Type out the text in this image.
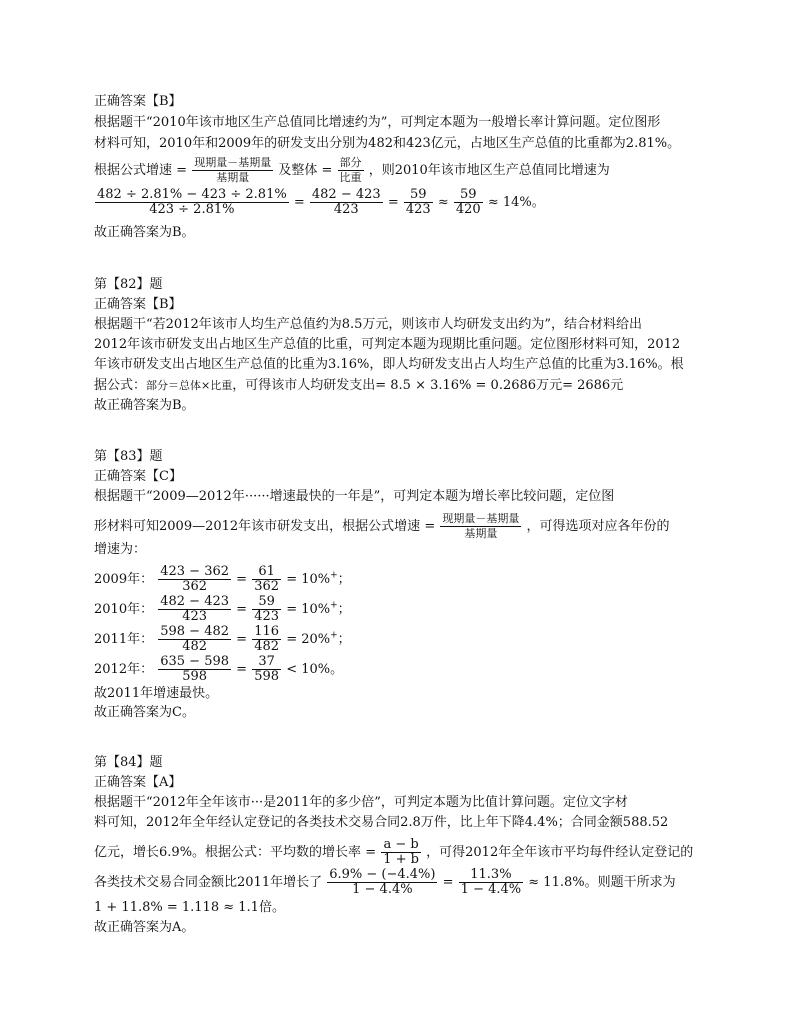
正确答案【B】
根据题干“2010年该市地区生产总值同比增速约为”，可判定本题为一般增长率计算问题。定位图形
材料可知，2010年和2009年的研发支出分别为482和423亿元，占地区生产总值的比重都为2.81%。
根据公式增速 =
现期量－基期量
基期量	及整体 =
部分
比重 ，则2010年该市地区生产总值同比增速为
$\frac{482 \div 2.81\% - 423 \div 2.81\%}{423 \div 2.81\%} = \frac{482 - 423}{423} = \frac{59}{423} \approx \frac{59}{420} \approx 14\%$。
故正确答案为B。
第【82】题
正确答案【B】
根据题干“若2012年该市人均生产总值约为8.5万元，则该市人均研发支出约为”，结合材料给出
2012年该市研发支出占地区生产总值的比重，可判定本题为现期比重问题。定位图形材料可知，2012
年该市研发支出占地区生产总值的比重为3.16%，即人均研发支出占人均生产总值的比重为3.16%。根
据公式：部分＝总体×比重，可得该市人均研发支出= 8.5 × 3.16% = 0.2686万元= 2686元
故正确答案为B。
第【83】题
正确答案【C】
根据题干“2009—2012年······增速最快的一年是”，可判定本题为增长率比较问题，定位图
形材料可知2009—2012年该市研发支出，根据公式增速 =
现期量－基期量
基期量	，可得选项对应各年份的
增速为：
2009年： $\frac{423 - 362}{362} = \frac{61}{362} = 10\%^+$；
2010年： $\frac{482 - 423}{423} = \frac{59}{423} = 10\%^+$；
2011年： $\frac{598 - 482}{482} = \frac{116}{482} = 20\%^+$；
2012年： $\frac{635 - 598}{598} = \frac{37}{598} < 10\%$。
故2011年增速最快。
故正确答案为C。
第【84】题
正确答案【A】
根据题干“2012年全年该市···是2011年的多少倍”，可判定本题为比值计算问题。定位文字材
料可知，2012年全年经认定登记的各类技术交易合同2.8万件，比上年下降4.4%；合同金额588.52
亿元，增长6.9%。根据公式：平均数的增长率 = $\frac{a - b}{1 + b}$ ，可得2012年全年该市平均每件经认定登记的
各类技术交易合同金额比2011年增长了 $\frac{6.9\% - (-4.4\%)}{1 - 4.4\%} = \frac{11.3\%}{1 - 4.4\%} \approx 11.8\%$。则题干所求为
1 + 11.8% = 1.118 ≈ 1.1倍。
故正确答案为A。
